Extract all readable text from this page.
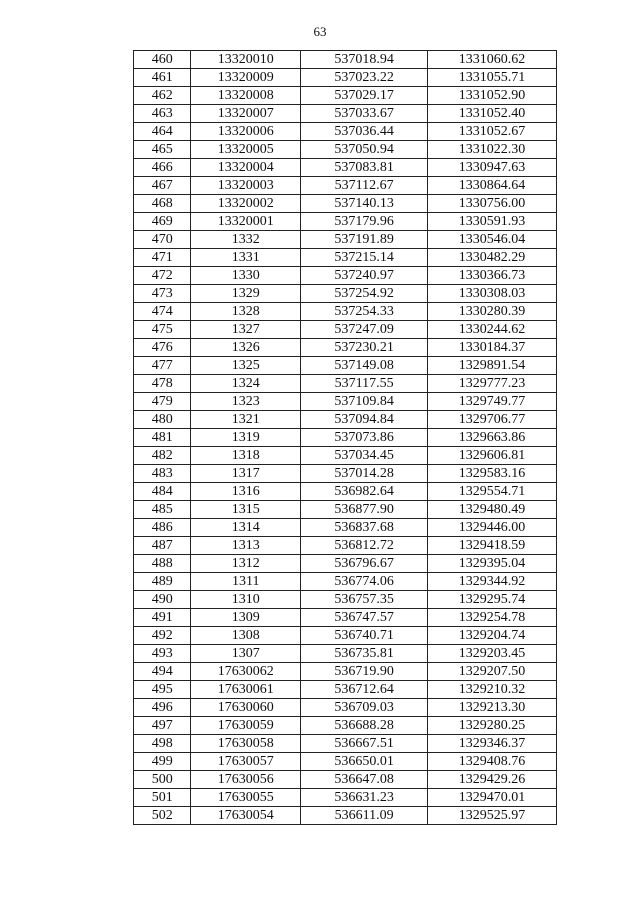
63
460	13320010	537018.94	1331060.62
461	13320009	537023.22	1331055.71
462	13320008	537029.17	1331052.90
463	13320007	537033.67	1331052.40
464	13320006	537036.44	1331052.67
465	13320005	537050.94	1331022.30
466	13320004	537083.81	1330947.63
467	13320003	537112.67	1330864.64
468	13320002	537140.13	1330756.00
469	13320001	537179.96	1330591.93
470	1332	537191.89	1330546.04
471	1331	537215.14	1330482.29
472	1330	537240.97	1330366.73
473	1329	537254.92	1330308.03
474	1328	537254.33	1330280.39
475	1327	537247.09	1330244.62
476	1326	537230.21	1330184.37
477	1325	537149.08	1329891.54
478	1324	537117.55	1329777.23
479	1323	537109.84	1329749.77
480	1321	537094.84	1329706.77
481	1319	537073.86	1329663.86
482	1318	537034.45	1329606.81
483	1317	537014.28	1329583.16
484	1316	536982.64	1329554.71
485	1315	536877.90	1329480.49
486	1314	536837.68	1329446.00
487	1313	536812.72	1329418.59
488	1312	536796.67	1329395.04
489	1311	536774.06	1329344.92
490	1310	536757.35	1329295.74
491	1309	536747.57	1329254.78
492	1308	536740.71	1329204.74
493	1307	536735.81	1329203.45
494	17630062	536719.90	1329207.50
495	17630061	536712.64	1329210.32
496	17630060	536709.03	1329213.30
497	17630059	536688.28	1329280.25
498	17630058	536667.51	1329346.37
499	17630057	536650.01	1329408.76
500	17630056	536647.08	1329429.26
501	17630055	536631.23	1329470.01
502	17630054	536611.09	1329525.97
